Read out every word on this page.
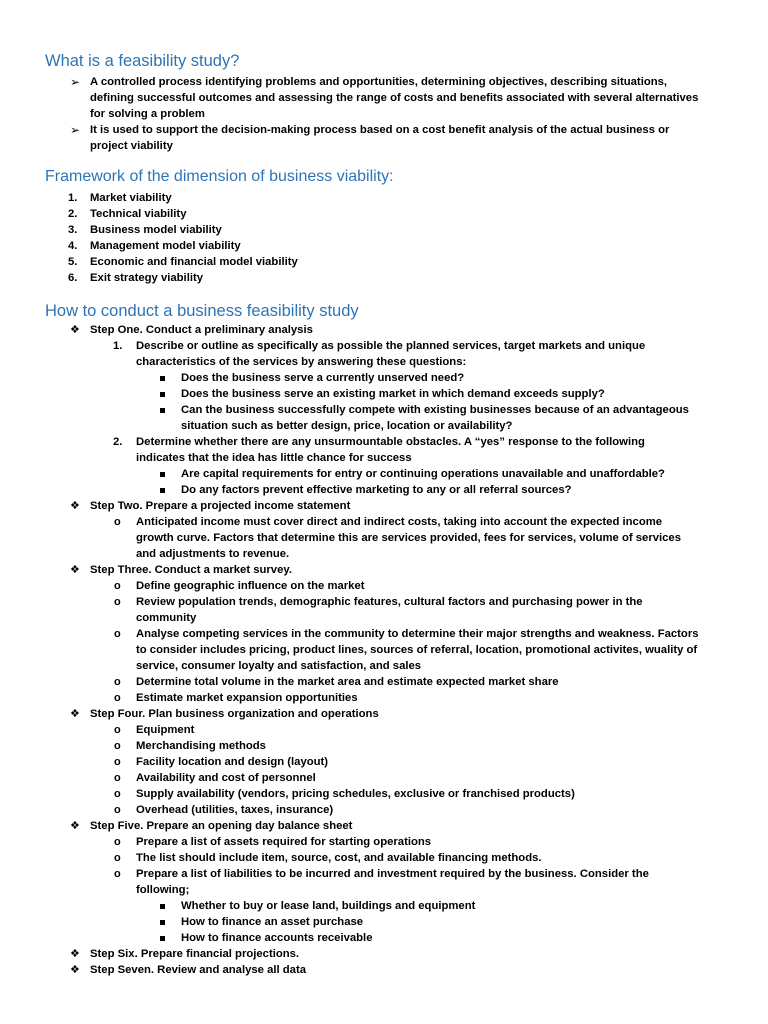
What is a feasibility study?
➢ A controlled process identifying problems and opportunities, determining objectives, describing situations,
defining successful outcomes and assessing the range of costs and benefits associated with several alternatives
for solving a problem
➢ It is used to support the decision-making process based on a cost benefit analysis of the actual business or
project viability
Framework of the dimension of business viability:
1. Market viability
2. Technical viability
3. Business model viability
4. Management model viability
5. Economic and financial model viability
6. Exit strategy viability
How to conduct a business feasibility study
❖ Step One. Conduct a preliminary analysis
1. Describe or outline as specifically as possible the planned services, target markets and unique
characteristics of the services by answering these questions:
Does the business serve a currently unserved need?
Does the business serve an existing market in which demand exceeds supply?
Can the business successfully compete with existing businesses because of an advantageous
situation such as better design, price, location or availability?
2. Determine whether there are any unsurmountable obstacles. A “yes” response to the following
indicates that the idea has little chance for success
Are capital requirements for entry or continuing operations unavailable and unaffordable?
Do any factors prevent effective marketing to any or all referral sources?
❖ Step Two. Prepare a projected income statement
o Anticipated income must cover direct and indirect costs, taking into account the expected income
growth curve. Factors that determine this are services provided, fees for services, volume of services
and adjustments to revenue.
❖ Step Three. Conduct a market survey.
o Define geographic influence on the market
o Review population trends, demographic features, cultural factors and purchasing power in the
community
o Analyse competing services in the community to determine their major strengths and weakness. Factors
to consider includes pricing, product lines, sources of referral, location, promotional activites, wuality of
service, consumer loyalty and satisfaction, and sales
o Determine total volume in the market area and estimate expected market share
o Estimate market expansion opportunities
❖ Step Four. Plan business organization and operations
o Equipment
o Merchandising methods
o Facility location and design (layout)
o Availability and cost of personnel
o Supply availability (vendors, pricing schedules, exclusive or franchised products)
o Overhead (utilities, taxes, insurance)
❖ Step Five. Prepare an opening day balance sheet
o Prepare a list of assets required for starting operations
o The list should include item, source, cost, and available financing methods.
o Prepare a list of liabilities to be incurred and investment required by the business. Consider the
following;
Whether to buy or lease land, buildings and equipment
How to finance an asset purchase
How to finance accounts receivable
❖ Step Six. Prepare financial projections.
❖ Step Seven. Review and analyse all data
